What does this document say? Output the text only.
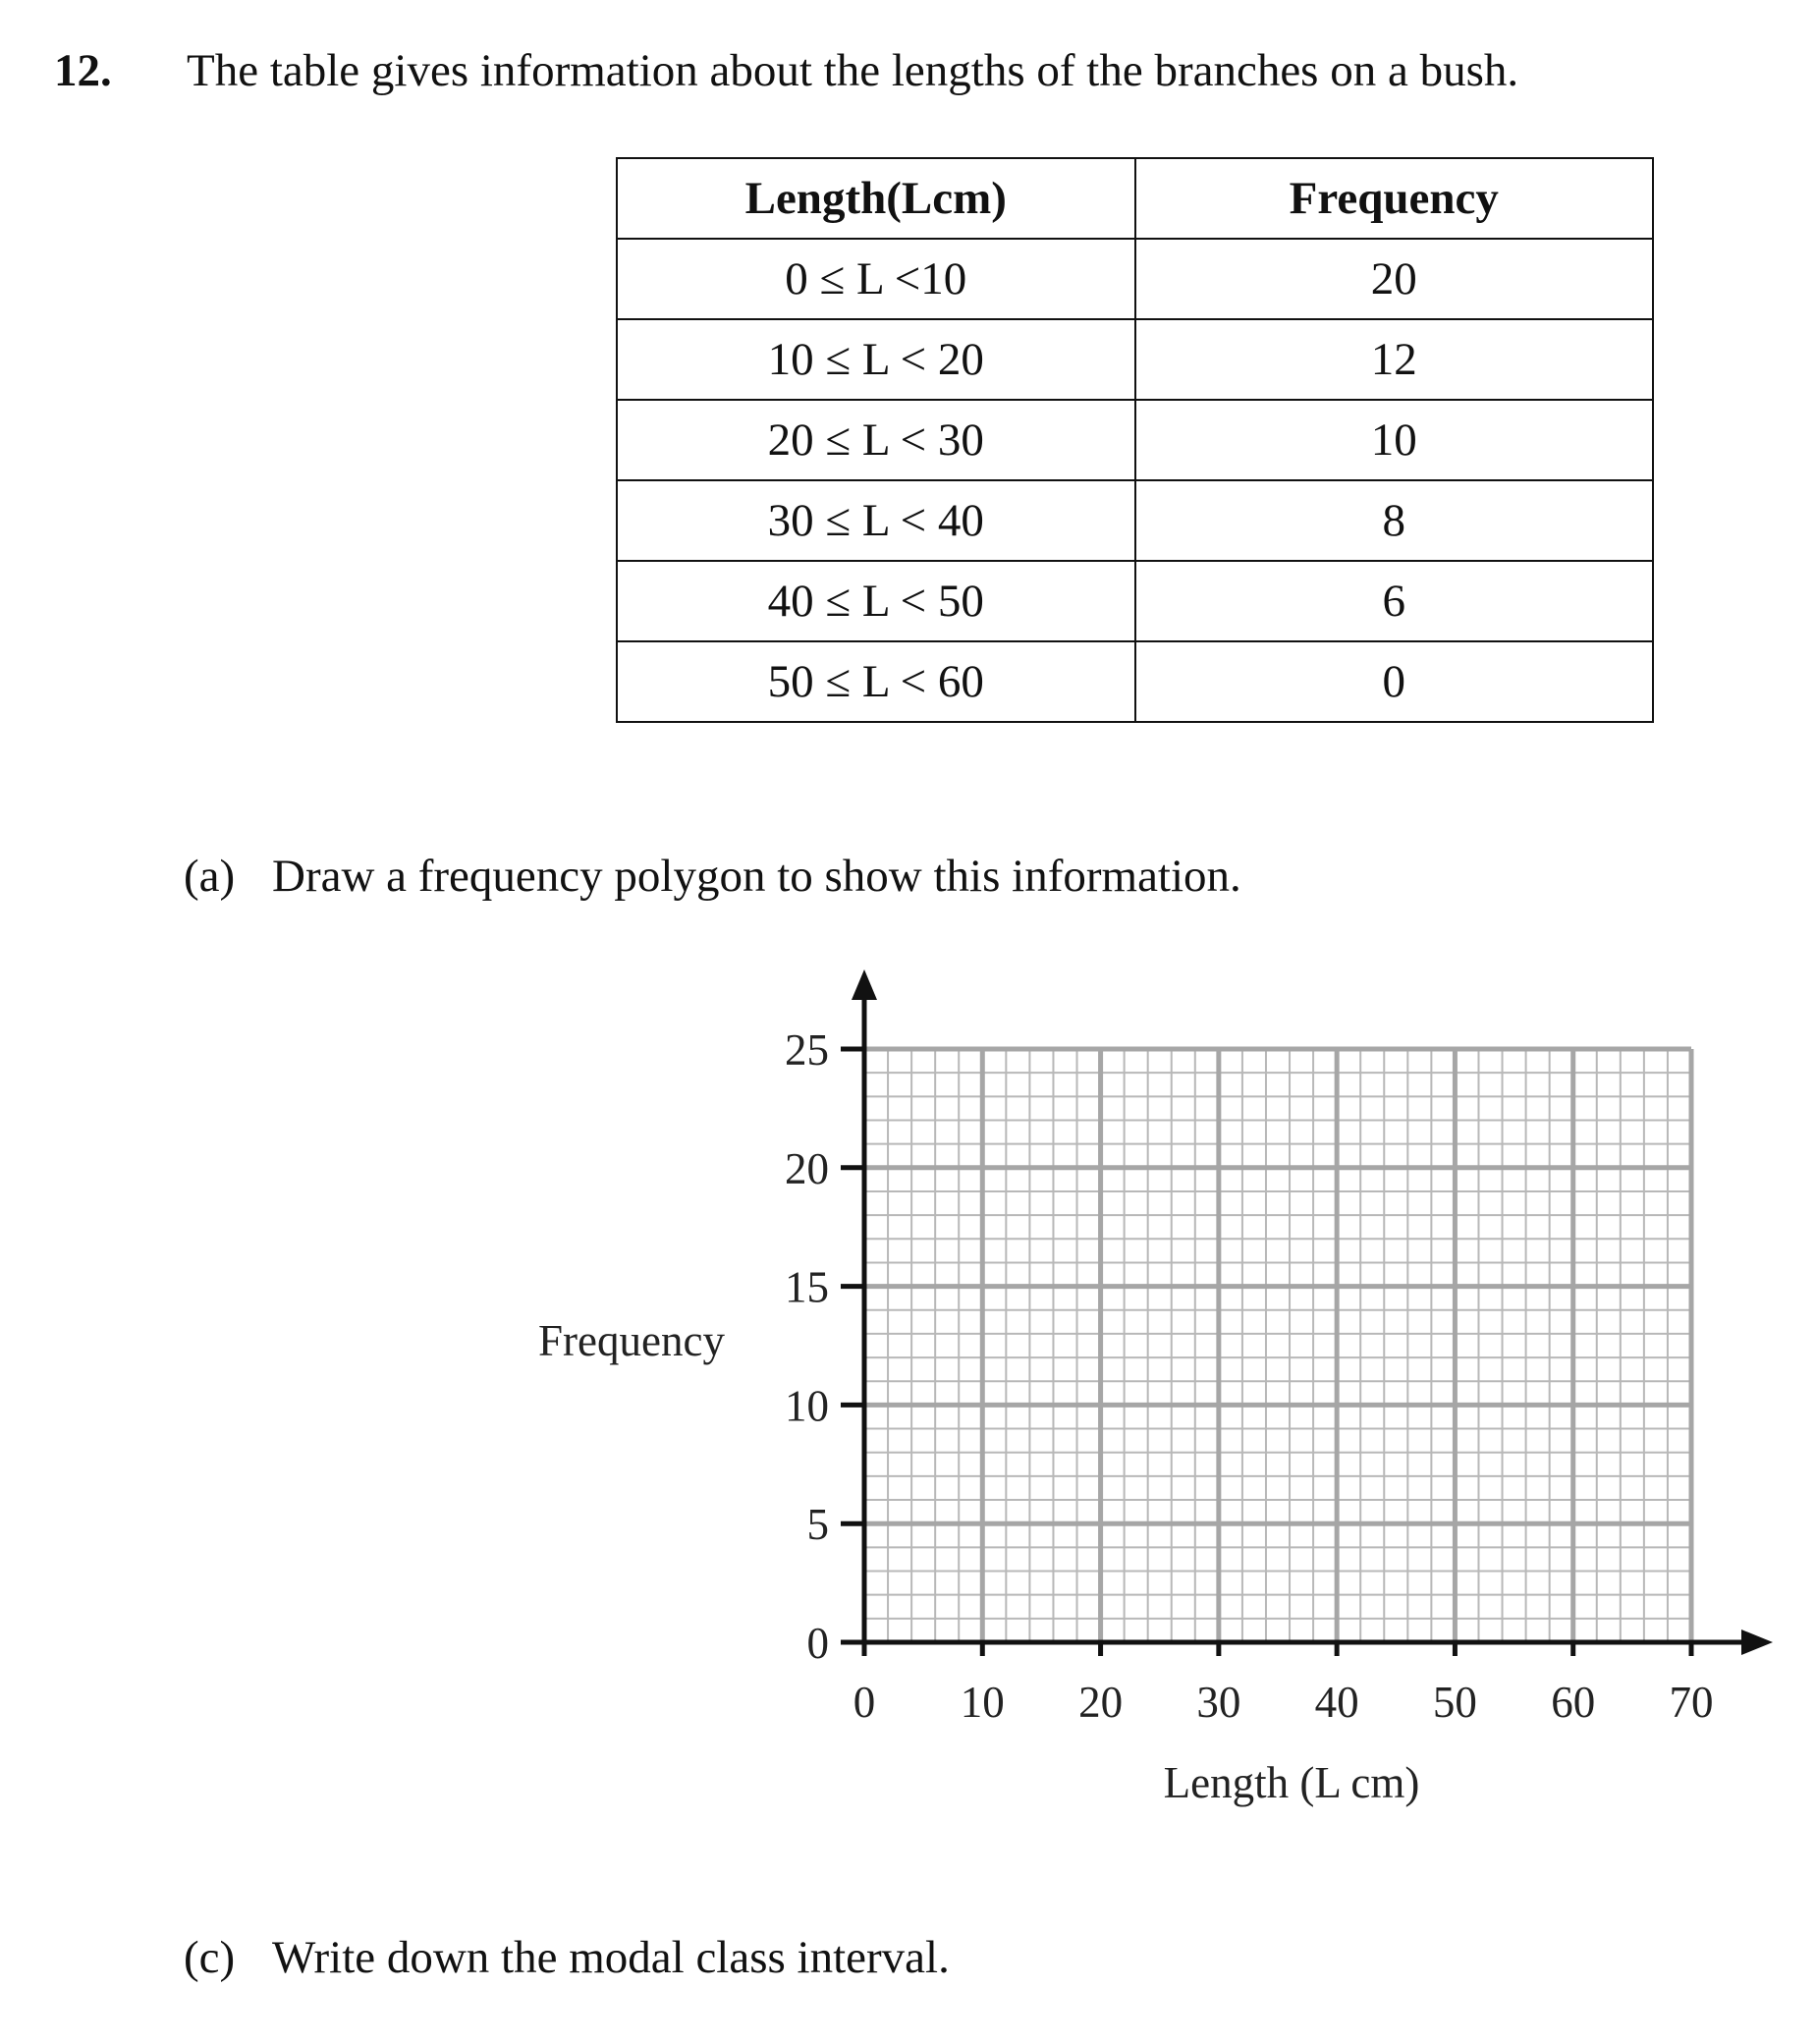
12. The table gives information about the lengths of the branches on a bush.
Length(Lcm)	Frequency
0 ≤ L <10	20
10 ≤ L < 20	12
20 ≤ L < 30	10
30 ≤ L < 40	8
40 ≤ L < 50	6
50 ≤ L < 60	0
(a) Draw a frequency polygon to show this information.
0 10 20 30 40 50 60 70
0
5
10
15
20
25
Frequency
Length (L cm)
(c) Write down the modal class interval.
